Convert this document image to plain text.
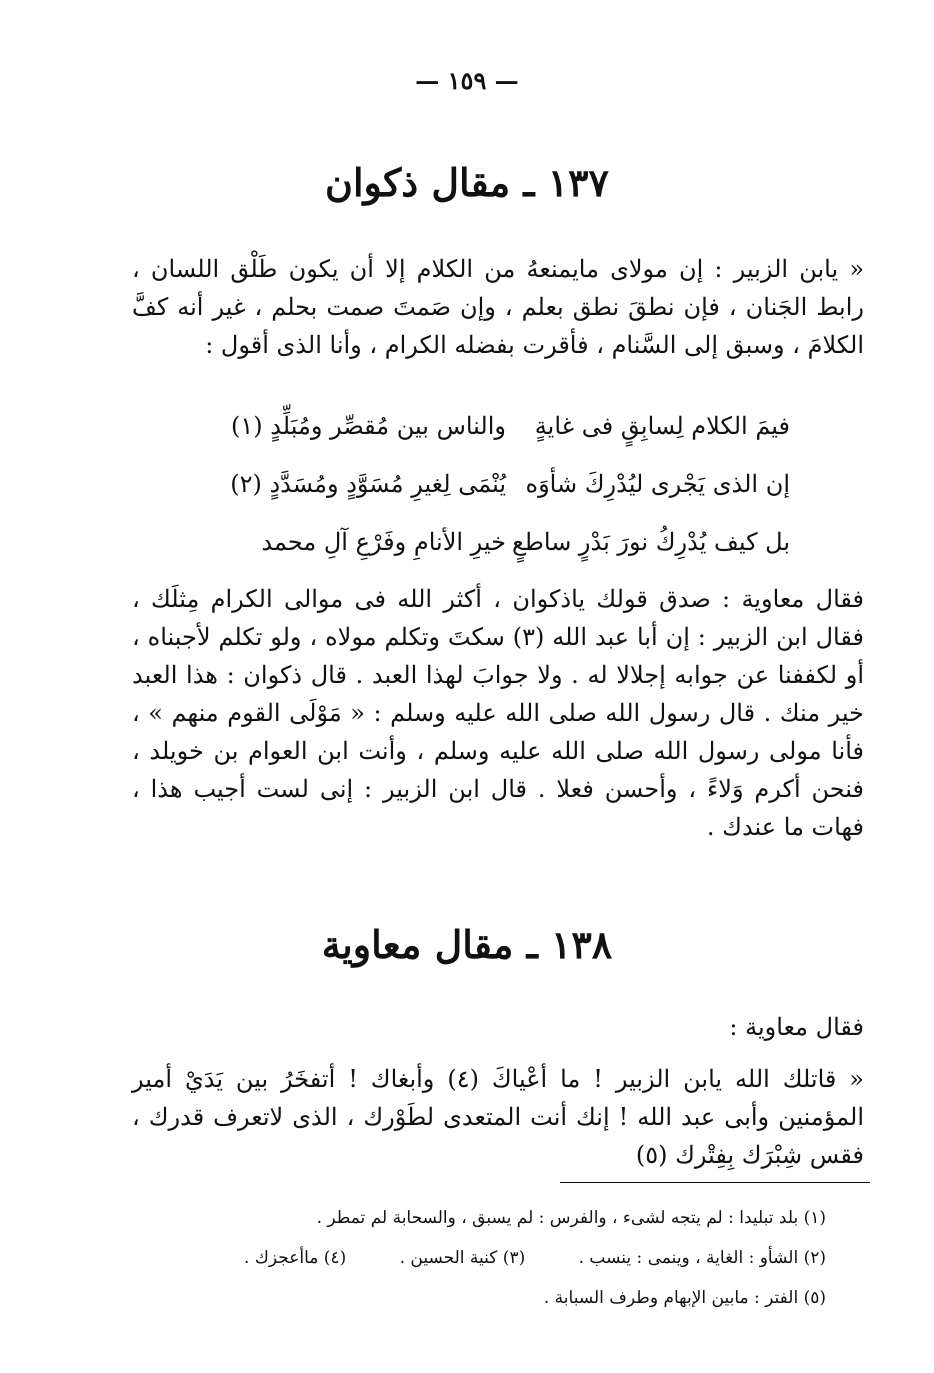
— ١٥٩ —
١٣٧ ـ مقال ذكوان
« يابن الزبير : إن مولاى مايمنعهُ من الكلام إلا أن يكون طَلْق اللسان ، رابط الجَنان ، فإن نطقَ نطق بعلم ، وإن صَمتَ صمت بحلم ، غير أنه كفَّ الكلامَ ، وسبق إلى السَّنام ، فأقرت بفضله الكرام ، وأنا الذى أقول :
فيمَ الكلام لِسابِقٍ فى غايةٍ
والناس بين مُقصِّر ومُبَلِّدٍ (١)
إن الذى يَجْرى ليُدْرِكَ شأوَه
يُنْمَى لِغيرِ مُسَوَّدٍ ومُسَدَّدٍ (٢)
بل كيف يُدْرِكُ نورَ بَدْرٍ ساطعٍ
خيرِ الأنامِ وفَرْعِ آلِ محمد
فقال معاوية : صدق قولك ياذكوان ، أكثر الله فى موالى الكرام مِثلَك ، فقال ابن الزبير : إن أبا عبد الله (٣) سكتَ وتكلم مولاه ، ولو تكلم لأجبناه ، أو لكففنا عن جوابه إجلالا له . ولا جوابَ لهذا العبد . قال ذكوان : هذا العبد خير منك . قال رسول الله صلى الله عليه وسلم : « مَوْلَى القوم منهم » ، فأنا مولى رسول الله صلى الله عليه وسلم ، وأنت ابن العوام بن خويلد ، فنحن أكرم وَلاءً ، وأحسن فعلا . قال ابن الزبير : إنى لست أجيب هذا ، فهات ما عندك .
١٣٨ ـ مقال معاوية
فقال معاوية :
« قاتلك الله يابن الزبير ! ما أعْياكَ (٤) وأبغاك ! أتفخَرُ بين يَدَيْ أمير المؤمنين وأبى عبد الله ! إنك أنت المتعدى لطَوْرك ، الذى لاتعرف قدرك ، فقس شِبْرَك بِفِتْرك (٥)
(١) بلد تبليدا : لم يتجه لشىء ، والفرس : لم يسبق ، والسحابة لم تمطر .
(٢) الشأو : الغاية ، وينمى : ينسب . (٣) كنية الحسين . (٤) ماأعجزك .
(٥) الفتر : مابين الإبهام وطرف السبابة .
